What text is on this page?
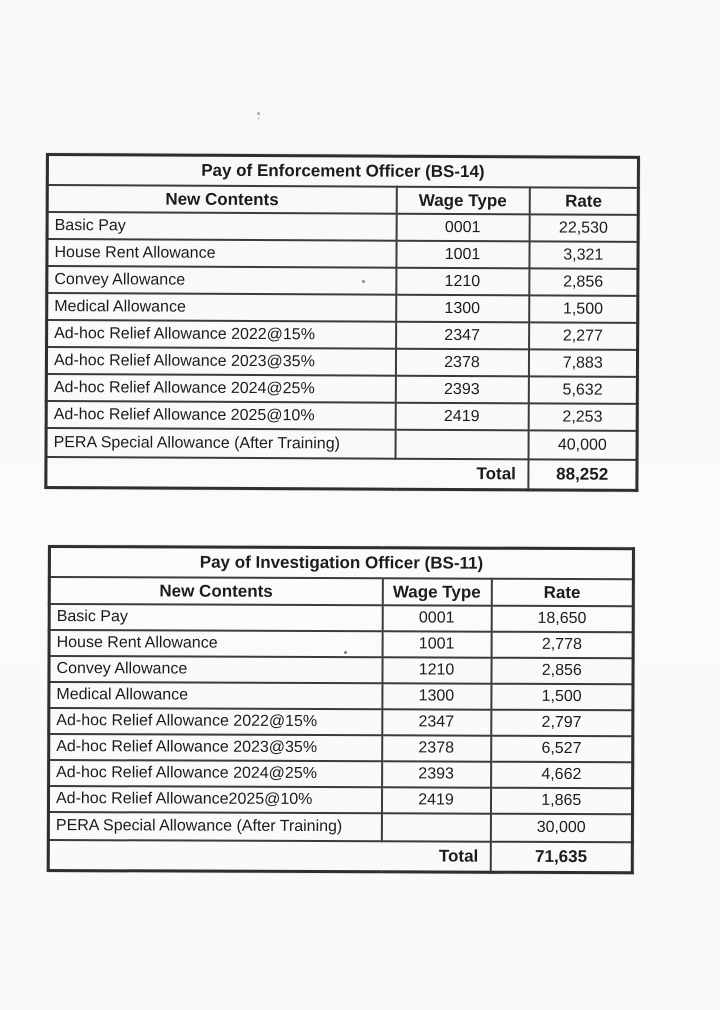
Pay of Enforcement Officer (BS-14)		
New Contents	Wage Type	Rate
Basic Pay	0001	22,530
House Rent Allowance	1001	3,321
Convey Allowance	1210	2,856
Medical Allowance	1300	1,500
Ad-hoc Relief Allowance 2022@15%	2347	2,277
Ad-hoc Relief Allowance 2023@35%	2378	7,883
Ad-hoc Relief Allowance 2024@25%	2393	5,632
Ad-hoc Relief Allowance 2025@10%	2419	2,253
PERA Special Allowance (After Training)		40,000
Total		88,252
Pay of Investigation Officer (BS-11)		
New Contents	Wage Type	Rate
Basic Pay	0001	18,650
House Rent Allowance	1001	2,778
Convey Allowance	1210	2,856
Medical Allowance	1300	1,500
Ad-hoc Relief Allowance 2022@15%	2347	2,797
Ad-hoc Relief Allowance 2023@35%	2378	6,527
Ad-hoc Relief Allowance 2024@25%	2393	4,662
Ad-hoc Relief Allowance2025@10%	2419	1,865
PERA Special Allowance (After Training)		30,000
Total		71,635
